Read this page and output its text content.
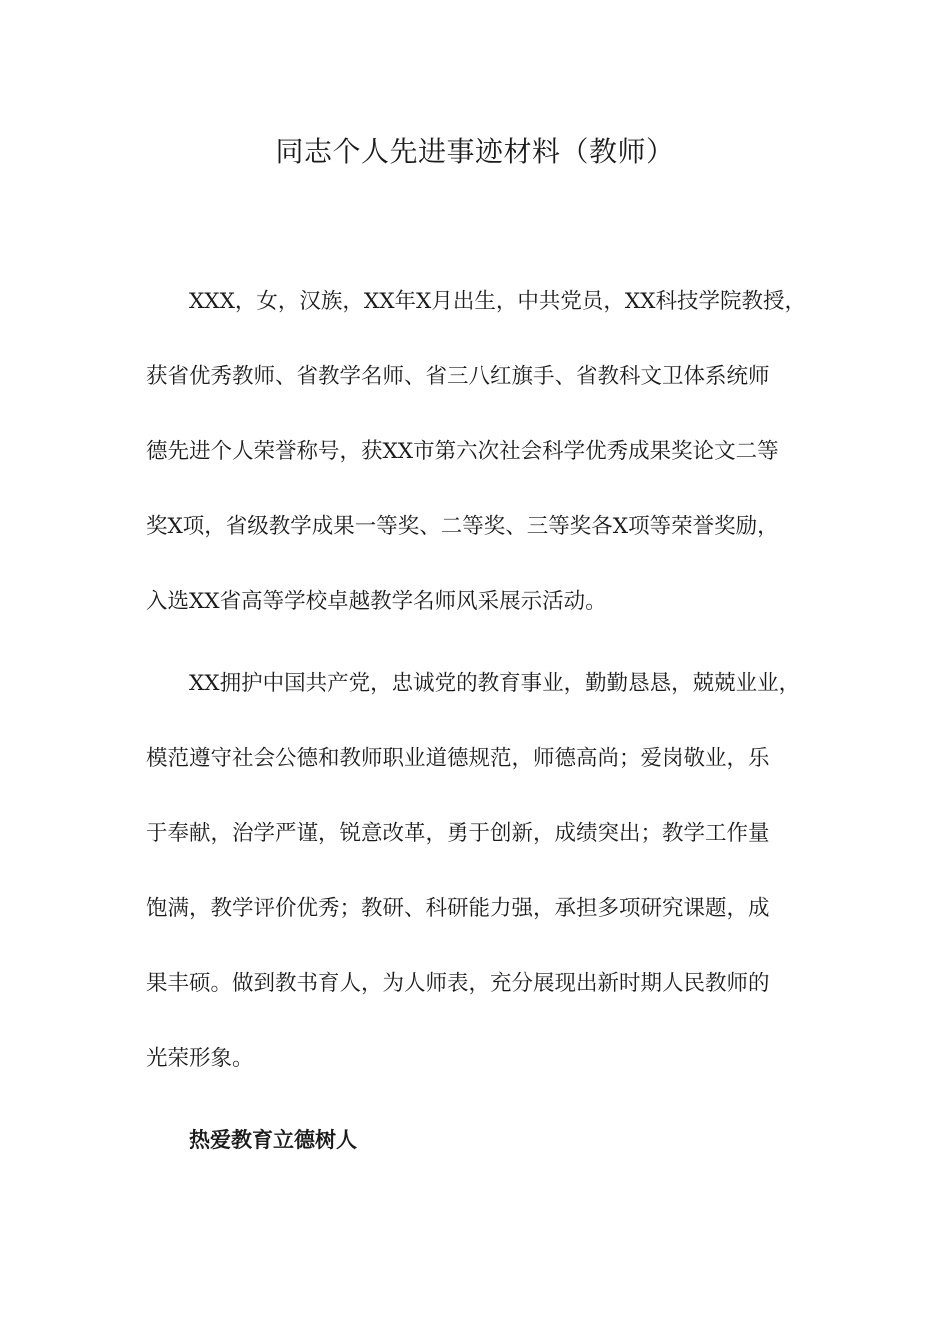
同志个人先进事迹材料（教师）
XXX，女，汉族，XX年X月出生，中共党员，XX科技学院教授，
获省优秀教师、省教学名师、省三八红旗手、省教科文卫体系统师
德先进个人荣誉称号，获XX市第六次社会科学优秀成果奖论文二等
奖X项，省级教学成果一等奖、二等奖、三等奖各X项等荣誉奖励，
入选XX省高等学校卓越教学名师风采展示活动。
XX拥护中国共产党，忠诚党的教育事业，勤勤恳恳，兢兢业业，
模范遵守社会公德和教师职业道德规范，师德高尚；爱岗敬业，乐
于奉献，治学严谨，锐意改革，勇于创新，成绩突出；教学工作量
饱满，教学评价优秀；教研、科研能力强，承担多项研究课题，成
果丰硕。做到教书育人，为人师表，充分展现出新时期人民教师的
光荣形象。
热爱教育立德树人
